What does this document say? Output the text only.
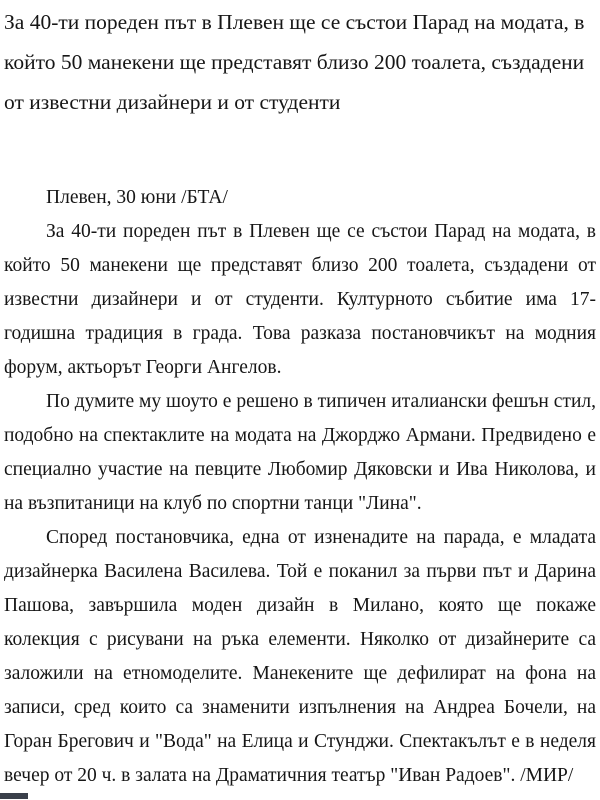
За 40-ти пореден път в Плевен ще се състои Парад на модата, в който 50 манекени ще представят близо 200 тоалета, създадени от известни дизайнери и от студенти

Плевен, 30 юни /БТА/

За 40-ти пореден път в Плевен ще се състои Парад на модата, в който 50 манекени ще представят близо 200 тоалета, създадени от известни дизайнери и от студенти. Културното събитие има 17-годишна традиция в града. Това разказа постановчикът на модния форум, актьорът Георги Ангелов.

По думите му шоуто е решено в типичен италиански фешън стил, подобно на спектаклите на модата на Джорджо Армани. Предвидено е специално участие на певците Любомир Дяковски и Ива Николова, и на възпитаници на клуб по спортни танци "Лина".

Според постановчика, една от изненадите на парада, е младата дизайнерка Василена Василева. Той е поканил за първи път и Дарина Пашова, завършила моден дизайн в Милано, която ще покаже колекция с рисувани на ръка елементи. Няколко от дизайнерите са заложили на етномоделите. Манекените ще дефилират на фона на записи, сред които са знаменити изпълнения на Андреа Бочели, на Горан Брегович и "Вода" на Елица и Стунджи. Спектакълът е в неделя вечер от 20 ч. в залата на Драматичния театър "Иван Радоев". /МИР/
